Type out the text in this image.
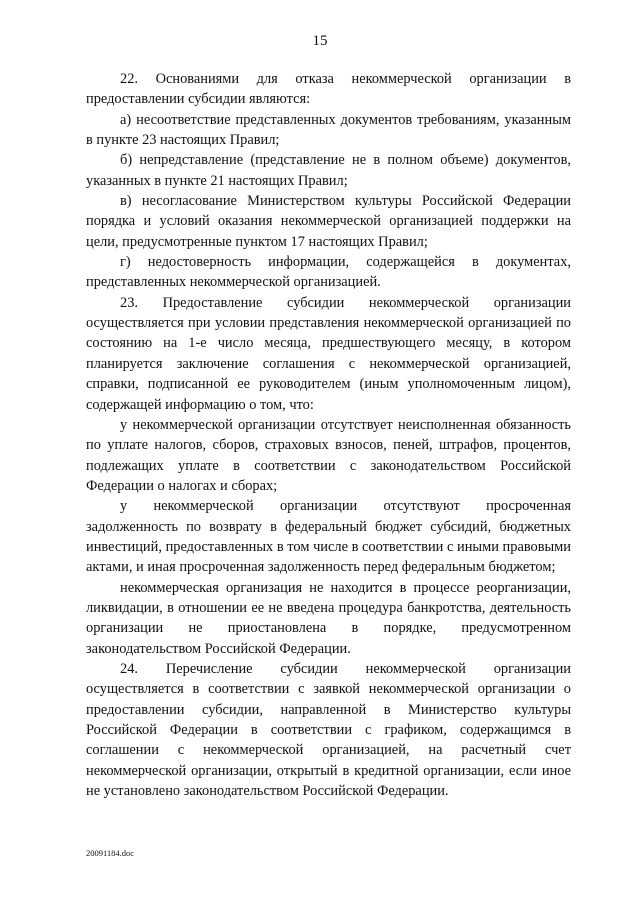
15

22. Основаниями для отказа некоммерческой организации в предоставлении субсидии являются:

а) несоответствие представленных документов требованиям, указанным в пункте 23 настоящих Правил;

б) непредставление (представление не в полном объеме) документов, указанных в пункте 21 настоящих Правил;

в) несогласование Министерством культуры Российской Федерации порядка и условий оказания некоммерческой организацией поддержки на цели, предусмотренные пунктом 17 настоящих Правил;

г) недостоверность информации, содержащейся в документах, представленных некоммерческой организацией.

23. Предоставление субсидии некоммерческой организации осуществляется при условии представления некоммерческой организацией по состоянию на 1-е число месяца, предшествующего месяцу, в котором планируется заключение соглашения с некоммерческой организацией, справки, подписанной ее руководителем (иным уполномоченным лицом), содержащей информацию о том, что:

у некоммерческой организации отсутствует неисполненная обязанность по уплате налогов, сборов, страховых взносов, пеней, штрафов, процентов, подлежащих уплате в соответствии с законодательством Российской Федерации о налогах и сборах;

у некоммерческой организации отсутствуют просроченная задолженность по возврату в федеральный бюджет субсидий, бюджетных инвестиций, предоставленных в том числе в соответствии с иными правовыми актами, и иная просроченная задолженность перед федеральным бюджетом;

некоммерческая организация не находится в процессе реорганизации, ликвидации, в отношении ее не введена процедура банкротства, деятельность организации не приостановлена в порядке, предусмотренном законодательством Российской Федерации.

24. Перечисление субсидии некоммерческой организации осуществляется в соответствии с заявкой некоммерческой организации о предоставлении субсидии, направленной в Министерство культуры Российской Федерации в соответствии с графиком, содержащимся в соглашении с некоммерческой организацией, на расчетный счет некоммерческой организации, открытый в кредитной организации, если иное не установлено законодательством Российской Федерации.

20091184.doc
